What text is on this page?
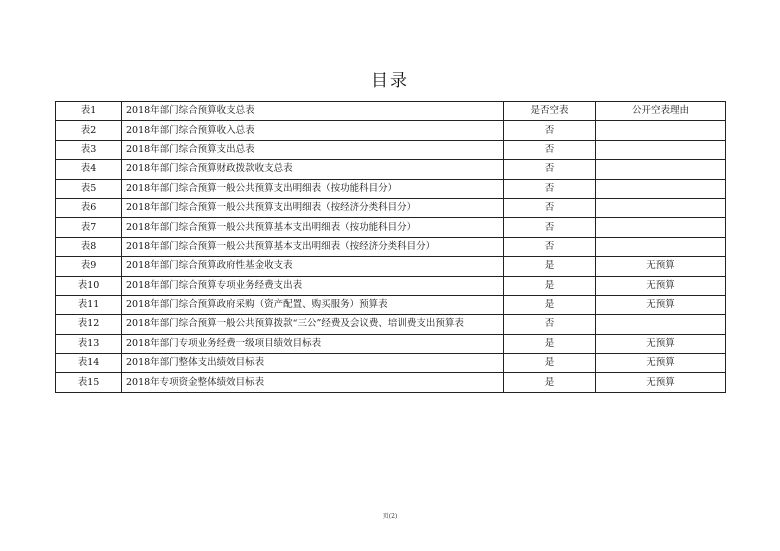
目录
表1	2018年部门综合预算收支总表	是否空表	公开空表理由
表2	2018年部门综合预算收入总表	否	
表3	2018年部门综合预算支出总表	否	
表4	2018年部门综合预算财政拨款收支总表	否	
表5	2018年部门综合预算一般公共预算支出明细表（按功能科目分）	否	
表6	2018年部门综合预算一般公共预算支出明细表（按经济分类科目分）	否	
表7	2018年部门综合预算一般公共预算基本支出明细表（按功能科目分）	否	
表8	2018年部门综合预算一般公共预算基本支出明细表（按经济分类科目分）	否	
表9	2018年部门综合预算政府性基金收支表	是	无预算
表10	2018年部门综合预算专项业务经费支出表	是	无预算
表11	2018年部门综合预算政府采购（资产配置、购买服务）预算表	是	无预算
表12	2018年部门综合预算一般公共预算拨款“三公”经费及会议费、培训费支出预算表	否	
表13	2018年部门专项业务经费一级项目绩效目标表	是	无预算
表14	2018年部门整体支出绩效目标表	是	无预算
表15	2018年专项资金整体绩效目标表	是	无预算
页(2)
